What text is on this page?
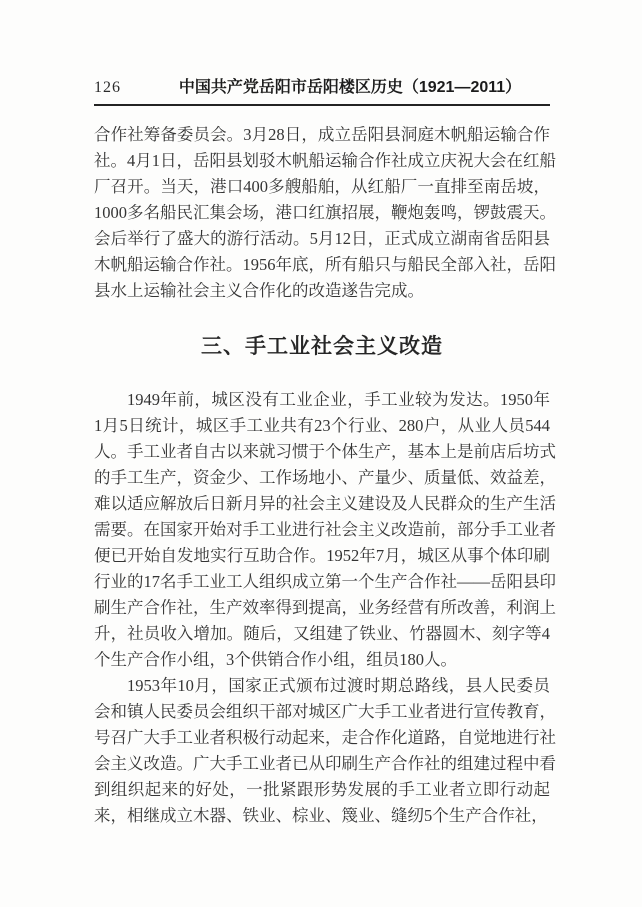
126	中国共产党岳阳市岳阳楼区历史（1921—2011）
合作社筹备委员会。3月28日，成立岳阳县洞庭木帆船运输合作
社。4月1日，岳阳县划驳木帆船运输合作社成立庆祝大会在红船
厂召开。当天，港口400多艘船舶，从红船厂一直排至南岳坡，
1000多名船民汇集会场，港口红旗招展，鞭炮轰鸣，锣鼓震天。
会后举行了盛大的游行活动。5月12日，正式成立湖南省岳阳县
木帆船运输合作社。1956年底，所有船只与船民全部入社，岳阳
县水上运输社会主义合作化的改造遂告完成。
三、手工业社会主义改造
1949年前，城区没有工业企业，手工业较为发达。1950年
1月5日统计，城区手工业共有23个行业、280户，从业人员544
人。手工业者自古以来就习惯于个体生产，基本上是前店后坊式
的手工生产，资金少、工作场地小、产量少、质量低、效益差，
难以适应解放后日新月异的社会主义建设及人民群众的生产生活
需要。在国家开始对手工业进行社会主义改造前，部分手工业者
便已开始自发地实行互助合作。1952年7月，城区从事个体印刷
行业的17名手工业工人组织成立第一个生产合作社——岳阳县印
刷生产合作社，生产效率得到提高，业务经营有所改善，利润上
升，社员收入增加。随后，又组建了铁业、竹器圆木、刻字等4
个生产合作小组，3个供销合作小组，组员180人。
1953年10月，国家正式颁布过渡时期总路线，县人民委员
会和镇人民委员会组织干部对城区广大手工业者进行宣传教育，
号召广大手工业者积极行动起来，走合作化道路，自觉地进行社
会主义改造。广大手工业者已从印刷生产合作社的组建过程中看
到组织起来的好处，一批紧跟形势发展的手工业者立即行动起
来，相继成立木器、铁业、棕业、篾业、缝纫5个生产合作社，
